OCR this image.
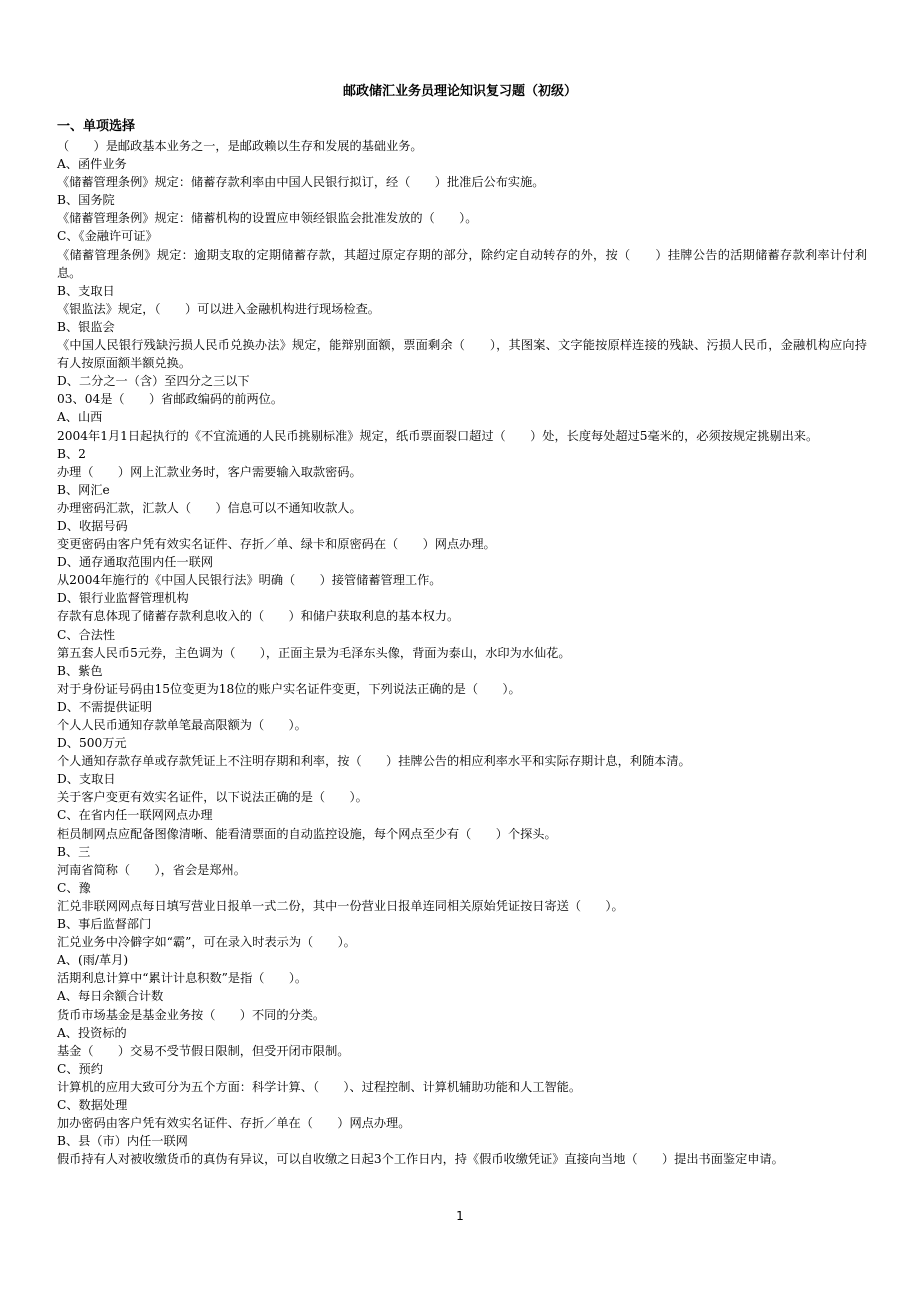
邮政储汇业务员理论知识复习题（初级）
一、单项选择

（　　）是邮政基本业务之一，是邮政赖以生存和发展的基础业务。

A、函件业务

《储蓄管理条例》规定：储蓄存款利率由中国人民银行拟订，经（　　）批准后公布实施。

B、国务院

《储蓄管理条例》规定：储蓄机构的设置应申领经银监会批准发放的（　　）。

C、《金融许可证》

《储蓄管理条例》规定：逾期支取的定期储蓄存款，其超过原定存期的部分，除约定自动转存的外，按（　　）挂牌公告的活期储蓄存款利率计付利息。

B、支取日

《银监法》规定，（　　）可以进入金融机构进行现场检查。

B、银监会

《中国人民银行残缺污损人民币兑换办法》规定，能辩别面额，票面剩余（　　），其图案、文字能按原样连接的残缺、污损人民币，金融机构应向持有人按原面额半额兑换。

D、二分之一（含）至四分之三以下

03、04是（　　）省邮政编码的前两位。

A、山西

2004年1月1日起执行的《不宜流通的人民币挑剔标准》规定，纸币票面裂口超过（　　）处，长度每处超过5毫米的，必须按规定挑剔出来。

B、2

办理（　　）网上汇款业务时，客户需要输入取款密码。

B、网汇e

办理密码汇款，汇款人（　　）信息可以不通知收款人。

D、收据号码

变更密码由客户凭有效实名证件、存折／单、绿卡和原密码在（　　）网点办理。

D、通存通取范围内任一联网

从2004年施行的《中国人民银行法》明确（　　）接管储蓄管理工作。

D、银行业监督管理机构

存款有息体现了储蓄存款利息收入的（　　）和储户获取利息的基本权力。

C、合法性

第五套人民币5元券，主色调为（　　），正面主景为毛泽东头像，背面为泰山，水印为水仙花。

B、紫色

对于身份证号码由15位变更为18位的账户实名证件变更，下列说法正确的是（　　）。

D、不需提供证明

个人人民币通知存款单笔最高限额为（　　）。

D、500万元

个人通知存款存单或存款凭证上不注明存期和利率，按（　　）挂牌公告的相应利率水平和实际存期计息，利随本清。

D、支取日

关于客户变更有效实名证件，以下说法正确的是（　　）。

C、在省内任一联网网点办理

柜员制网点应配备图像清晰、能看清票面的自动监控设施，每个网点至少有（　　）个探头。

B、三

河南省简称（　　），省会是郑州。

C、豫

汇兑非联网网点每日填写营业日报单一式二份，其中一份营业日报单连同相关原始凭证按日寄送（　　）。

B、事后监督部门

汇兑业务中冷僻字如“霸”，可在录入时表示为（　　）。

A、(雨/革月)

活期利息计算中“累计计息积数”是指（　　）。

A、每日余额合计数

货币市场基金是基金业务按（　　）不同的分类。

A、投资标的

基金（　　）交易不受节假日限制，但受开闭市限制。

C、预约

计算机的应用大致可分为五个方面：科学计算、（　　）、过程控制、计算机辅助功能和人工智能。

C、数据处理

加办密码由客户凭有效实名证件、存折／单在（　　）网点办理。

B、县（市）内任一联网

假币持有人对被收缴货币的真伪有异议，可以自收缴之日起3个工作日内，持《假币收缴凭证》直接向当地（　　）提出书面鉴定申请。

1
